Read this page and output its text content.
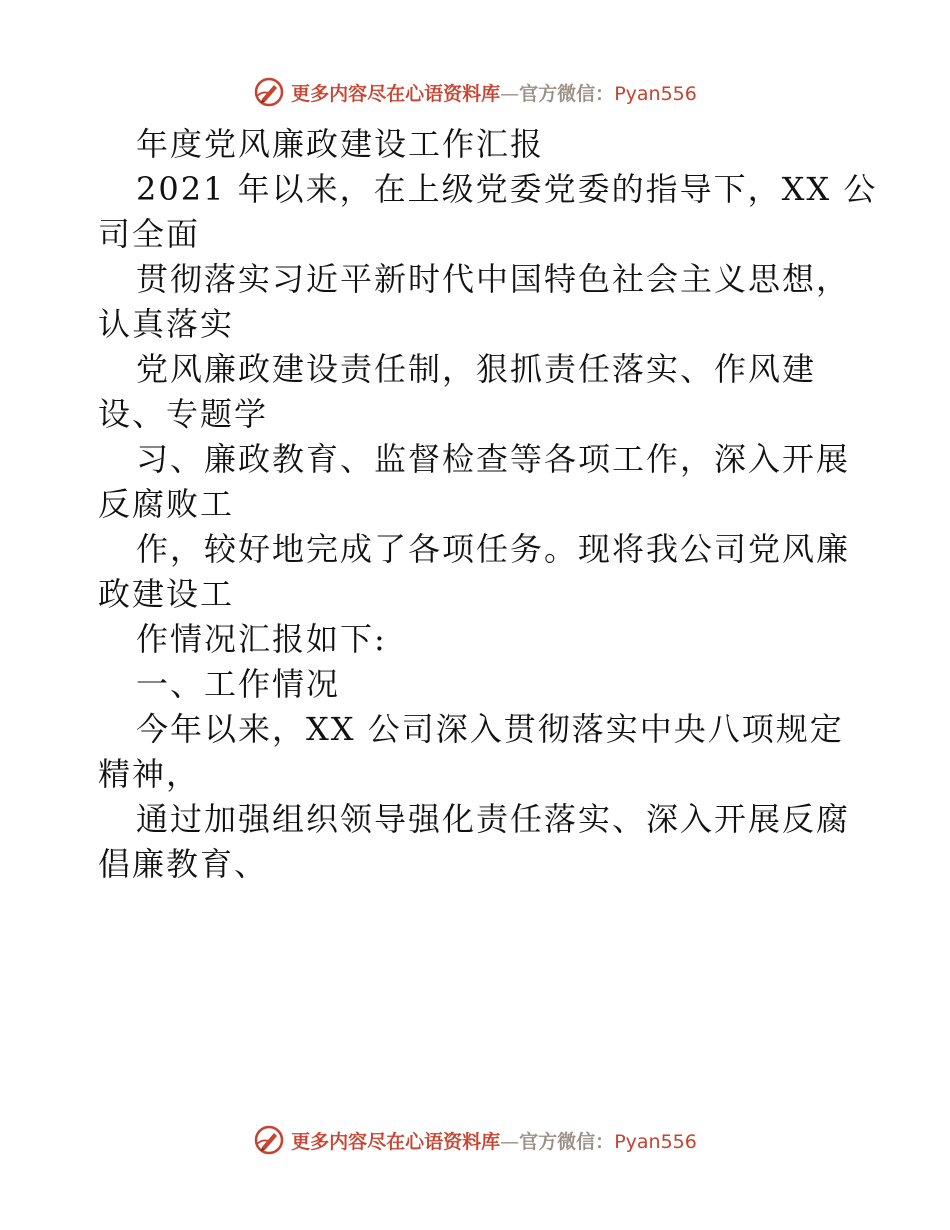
更多内容尽在心语资料库—官方微信：Pyan556

年度党风廉政建设工作汇报

2021 年以来，在上级党委党委的指导下，XX 公

司全面

贯彻落实习近平新时代中国特色社会主义思想，

认真落实

党风廉政建设责任制，狠抓责任落实、作风建

设、专题学

习、廉政教育、监督检查等各项工作，深入开展

反腐败工

作，较好地完成了各项任务。现将我公司党风廉

政建设工

作情况汇报如下:

一、工作情况

今年以来，XX 公司深入贯彻落实中央八项规定

精神，

通过加强组织领导强化责任落实、深入开展反腐

倡廉教育、

更多内容尽在心语资料库—官方微信：Pyan556
